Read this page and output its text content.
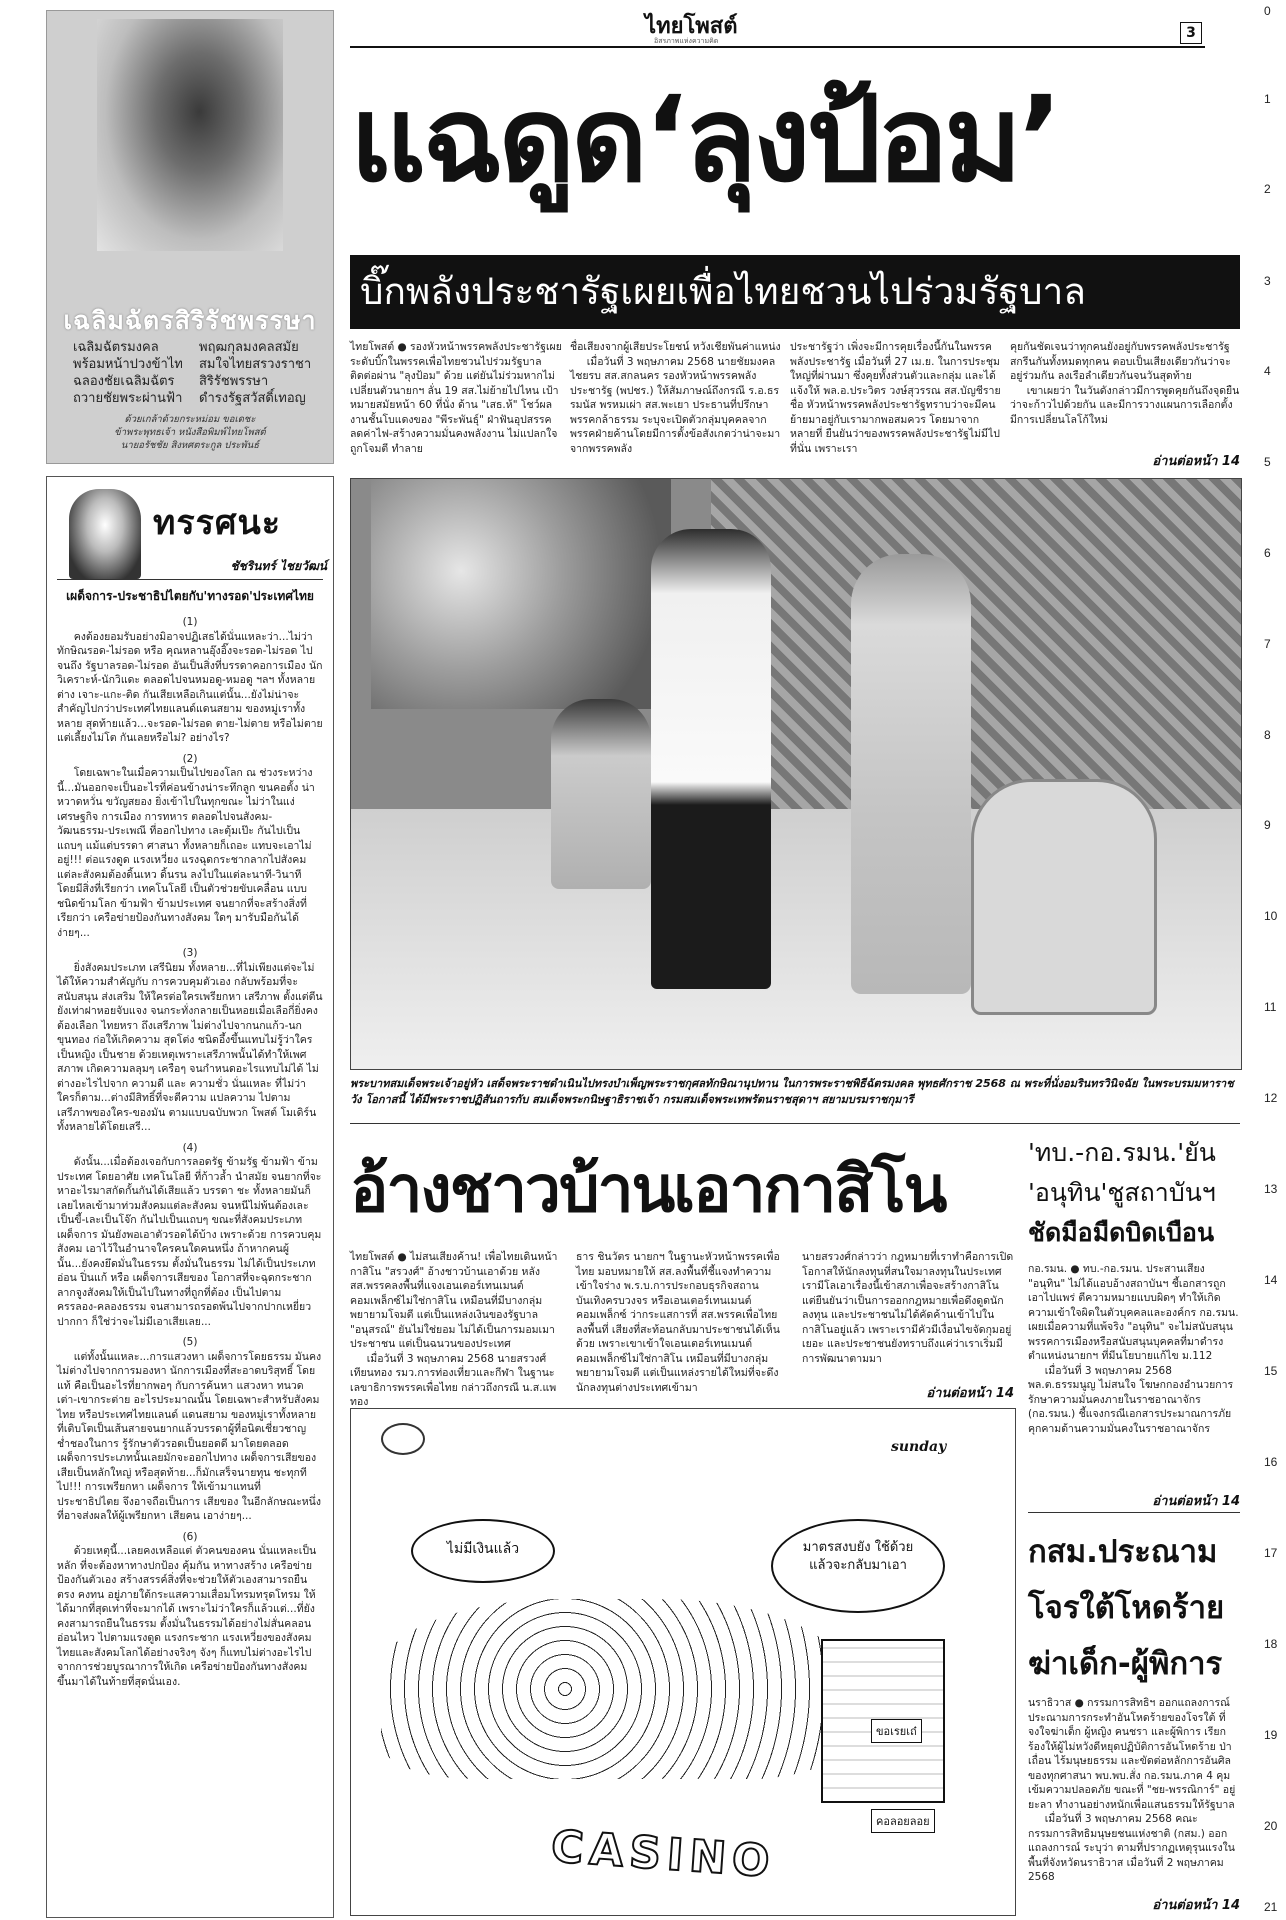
0
1
2
3
4
5
6
7
8
9
10
11
12
13
14
15
16
17
18
19
20
21
เฉลิมฉัตรสิริรัชพรรษา
เฉลิมฉัตรมงคล
พร้อมหน้าปวงข้าไท
ฉลองชัยเฉลิมฉัตร
ถวายชัยพระผ่านฟ้า
พฤฒกุลมงคลสมัย
สมใจไทยสรวงราชา
สิริรัชพรรษา
ดำรงรัฐสวัสดิ์เทอญ
ด้วยเกล้าด้วยกระหม่อม ขอเดชะ
ข้าพระพุทธเจ้า หนังสือพิมพ์ไทยโพสต์
นายอรัชชัย สิงหศตระกูล ประพันธ์
ไทยโพสต์
อิสรภาพแห่งความคิด	3
แฉดูด‘ลุงป้อม’
บิ๊กพลังประชารัฐเผยเพื่อไทยชวนไปร่วมรัฐบาล
ไทยโพสต์ ● รองหัวหน้าพรรคพลังประชารัฐเผยระดับบิ๊กในพรรคเพื่อไทยชวนไปร่วมรัฐบาล ติดต่อผ่าน "ลุงป้อม" ด้วย แต่ยันไม่ร่วมหากไม่เปลี่ยนตัวนายกฯ ลั่น 19 สส.ไม่ย้ายไปไหน เป้าหมายสมัยหน้า 60 ที่นั่ง ด้าน "เสธ.ห้" โชว์ผลงานชั้นโบแดงของ "พีระพันธุ์" ฝ่าฟันอุปสรรค ลดค่าไฟ-สร้างความมั่นคงพลังงาน ไม่แปลกใจถูกโจมตี ทำลาย
ชื่อเสียงจากผู้เสียประโยชน์ หวังเชียพันค่าแหน่ง
เมื่อวันที่ 3 พฤษภาคม 2568 นายชัยมงคล ไชยรบ สส.สกลนคร รองหัวหน้าพรรคพลังประชารัฐ (พปชร.) ให้สัมภาษณ์ถึงกรณี ร.อ.ธรรมนัส พรหมเผ่า สส.พะเยา ประธานที่ปรึกษาพรรคกล้าธรรม ระบุจะเปิดตัวกลุ่มบุคคลจากพรรคฝ่ายค้านโดยมีการตั้งข้อสังเกตว่าน่าจะมาจากพรรคพลัง
ประชารัฐว่า เพิ่งจะมีการคุยเรื่องนี้กันในพรรคพลังประชารัฐ เมื่อวันที่ 27 เม.ย. ในการประชุมใหญ่ที่ผ่านมา ซึ่งคุยทั้งส่วนตัวและกลุ่ม และได้แจ้งให้ พล.อ.ประวิตร วงษ์สุวรรณ สส.บัญชีรายชื่อ หัวหน้าพรรคพลังประชารัฐทราบว่าจะมีคนย้ายมาอยู่กับเรามากพอสมควร โดยมาจากหลายที่ ยืนยันว่าของพรรคพลังประชารัฐไม่มีไปที่นั่น เพราะเรา
คุยกันชัดเจนว่าทุกคนยังอยู่กับพรรคพลังประชารัฐ สกรีนกันทั้งหมดทุกคน ตอบเป็นเสียงเดียวกันว่าจะอยู่ร่วมกัน ลงเรือลำเดียวกันจนวันสุดท้าย
เขาเผยว่า ในวันดังกล่าวมีการพูดคุยกันถึงจุดยืนว่าจะก้าวไปด้วยกัน และมีการวางแผนการเลือกตั้ง มีการเปลี่ยนโลโก้ใหม่
อ่านต่อหน้า 14
พระบาทสมเด็จพระเจ้าอยู่หัว เสด็จพระราชดำเนินไปทรงบำเพ็ญพระราชกุศลทักษิณานุปทาน ในการพระราชพิธีฉัตรมงคล พุทธศักราช 2568 ณ พระที่นั่งอมรินทรวินิจฉัย ในพระบรมมหาราชวัง โอกาสนี้ ได้มีพระราชปฏิสันถารกับ สมเด็จพระกนิษฐาธิราชเจ้า กรมสมเด็จพระเทพรัตนราชสุดาฯ สยามบรมราชกุมารี
ทรรศนะ
ชัชรินทร์ ไชยวัฒน์
เผด็จการ-ประชาธิปไตยกับ'ทางรอด'ประเทศไทย
(1)
คงต้องยอมรับอย่างมิอาจปฏิเสธได้นั่นแหละว่า...ไม่ว่า ทักษิณรอด-ไม่รอด หรือ คุณหลานอุ๊งอิ๊งจะรอด-ไม่รอด ไปจนถึง รัฐบาลรอด-ไม่รอด อันเป็นสิ่งที่บรรดาคอการเมือง นักวิเคราะห์-นักวิแดะ ตลอดไปจนหมอดู-หมอดู ฯลฯ ทั้งหลายต่าง เจาะ-แกะ-ติด กันเสียเหลือเกินแต่นั้น...ยังไม่น่าจะสำคัญไปกว่าประเทศไทยแลนด์แดนสยาม ของหมู่เราทั้งหลาย สุดท้ายแล้ว...จะรอด-ไม่รอด ตาย-ไม่ตาย หรือไม่ตายแต่เลี้ยงไม่โต กันเลยหรือไม่? อย่างไร?
(2)
โดยเฉพาะในเมื่อความเป็นไปของโลก ณ ช่วงระหว่างนี้...มันออกจะเป็นอะไรที่ค่อนข้างน่าระทึกลูก ขนคอตั้ง น่าหวาดหวั่น ขวัญสยอง ยิ่งเข้าไปในทุกขณะ ไม่ว่าในแง่เศรษฐกิจ การเมือง การทหาร ตลอดไปจนสังคม-วัฒนธรรม-ประเพณี ที่ออกไปทาง เละตุ้มเป๊ะ กันไปเป็นแถบๆ แม้แต่บรรดา ศาสนา ทั้งหลายก็เถอะ แทบจะเอาไม่อยู่!!! ต่อแรงดูด แรงเหวี่ยง แรงฉุดกระชากลากไปสังคมแต่ละสังคมต้องดิ้นเหว ดิ้นรน ลงไปในแต่ละนาที-วินาที โดยมีสิ่งที่เรียกว่า เทคโนโลยี เป็นตัวช่วยขับเคลื่อน แบบชนิดข้ามโลก ข้ามฟ้า ข้ามประเทศ จนยากที่จะสร้างสิ่งที่เรียกว่า เครือข่ายป้องกันทางสังคม ใดๆ มารับมือกันได้ง่ายๆ...
(3)
ยิ่งสังคมประเภท เสรีนิยม ทั้งหลาย...ที่ไม่เพียงแต่จะไม่ได้ให้ความสำคัญกับ การควบคุมตัวเอง กลับพร้อมที่จะสนับสนุน ส่งเสริม ให้ใครต่อใครเพรียกหา เสรีภาพ ตั้งแต่ตีนยังเท่าฝาหอยจับแจง จนกระทั่งกลายเป็นหอยเมื่อเลือกี่ยิ่งคงต้องเลือก ไทยหรา ถึงเสรีภาพ ไม่ต่างไปจากนกแก้ว-นกขุนทอง ก่อให้เกิดความ สุดโต่ง ชนิดอึ้งขึ้นแทบไม่รู้ว่าใครเป็นหญิง เป็นชาย ด้วยเหตุเพราะเสรีภาพนั้นได้ทำให้เพศสภาพ เกิดความลลุมๆ เครือๆ จนกำหนดอะไรแทบไม่ได้ ไม่ต่างอะไรไปจาก ความดี และ ความชั่ว นั่นแหละ ที่ไม่ว่าใครก็ตาม...ต่างมีสิทธิ์ที่จะตีความ แปลความ ไปตามเสรีภาพของใคร-ของมัน ตามแบบฉบับพวก โพสต์ โมเดิร์น ทั้งหลายได้โดยเสรี...
(4)
ดังนั้น...เมื่อต้องเจอกับการลอดรัฐ ข้ามรัฐ ข้ามฟ้า ข้ามประเทศ โดยอาศัย เทคโนโลยี ที่ก้าวล้ำ นำสมัย จนยากที่จะหาอะไรมาสกัดกั้นกันได้เสียแล้ว บรรดา ชะ ทั้งหลายมันก็เลยไหลเข้ามาท่วมสังคมแต่ละสังคม จนหนีไม่พ้นต้องเละเป็นขี้-เละเป็นโจ๊ก กันไปเป็นแถบๆ ขณะที่สังคมประเภท เผด็จการ มันยังพอเอาตัวรอดได้บ้าง เพราะด้วย การควบคุมสังคม เอาไว้ในอำนาจใครคนใดคนหนึ่ง ถ้าหากคนผู้นั้น...ยังคงยึดมั่นในธรรม ตั้งมั่นในธรรม ไม่ได้เป็นประเภทอ่อน ปิ่นแก้ หรือ เผด็จการเสียของ โอกาสที่จะฉุดกระชากลากจูงสังคมให้เป็นไปในทางที่ถูกที่ต้อง เป็นไปตาม ครรลอง-คลองธรรม จนสามารถรอดพ้นไปจากปากเหยี่ยว ปากกา ก็ใช่ว่าจะไม่มีเอาเสียเลย...
(5)
แต่ทั้งนั้นแหละ...การแสวงหา เผด็จการโดยธรรม มันคงไม่ต่างไปจากการมองหา นักการเมืองที่สะอาดบริสุทธิ์ โดยแท้ คือเป็นอะไรที่ยากพอๆ กับการค้นหา แสวงหา ทนวดเต่า-เขากระต่าย อะไรประมาณนั้น โดยเฉพาะสำหรับสังคมไทย หรือประเทศไทยแลนด์ แดนสยาม ของหมู่เราทั้งหลาย ที่เติบโตเป็นเส้นสายจนยากแล้วบรรดาผู้ที่อนิตเชี่ยวชาญช่ำชองในการ รู้รักษาตัวรอดเป็นยอดดี มาโดยตลอด เผด็จการประเภทนั้นเลยมักจะออกไปทาง เผด็จการเสียของ เสียเป็นหลักใหญ่ หรือสุดท้าย...ก็มักเสร็จนายทุน ชะทุกทีไป!!! การเพรียกหา เผด็จการ ให้เข้ามาแทนที่ ประชาธิปไตย จึงอาจถือเป็นการ เสียของ ในอีกลักษณะหนึ่ง ที่อาจส่งผลให้ผู้เพรียกหา เสียคน เอาง่ายๆ...
(6)
ด้วยเหตุนี้...เลยคงเหลือแต่ ตัวคนของคน นั่นแหละเป็นหลัก ที่จะต้องหาทางปกป้อง คุ้มกัน หาทางสร้าง เครือข่ายป้องกันตัวเอง สร้างสรรค์สิ่งที่จะช่วยให้ตัวเองสามารถยืนตรง คงทน อยู่ภายใต้กระแสความเสื่อมโทรมทรุดโทรม ให้ได้มากที่สุดเท่าที่จะมากได้ เพราะไม่ว่าใครก็แล้วแต่...ที่ยังคงสามารถยืนในธรรม ตั้งมั่นในธรรมได้อย่างไม่สั่นคลอน อ่อนไหว ไปตามแรงดูด แรงกระชาก แรงเหวี่ยงของสังคมไทยและสังคมโลกได้อย่างจริงๆ จังๆ ก็แทบไม่ต่างอะไรไปจากการช่วยบูรณาการให้เกิด เครือข่ายป้องกันทางสังคม ขึ้นมาได้ในท้ายที่สุดนั่นเอง.
อ้างชาวบ้านเอากาสิโน
ไทยโพสต์ ● ไม่สนเสียงค้าน! เพื่อไทยเดินหน้ากาสิโน "สรวงศ์" อ้างชาวบ้านเอาด้วย หลัง สส.พรรคลงพื้นที่แจงเอนเตอร์เทนเมนต์คอมเพล็กซ์ไม่ใช่กาสิโน เหมือนที่มีบางกลุ่มพยายามโจมตี แต่เป็นแหล่งเงินของรัฐบาล "อนุสรณ์" ยันไม่ใช่ยอม ไม่ได้เป็นการมอมเมาประชาชน แต่เป็นฉนวนของประเทศ
เมื่อวันที่ 3 พฤษภาคม 2568 นายสรวงศ์ เทียนทอง รมว.การท่องเที่ยวและกีฬา ในฐานะเลขาธิการพรรคเพื่อไทย กล่าวถึงกรณี น.ส.แพทอง
ธาร ชินวัตร นายกฯ ในฐานะหัวหน้าพรรคเพื่อไทย มอบหมายให้ สส.ลงพื้นที่ชี้แจงทำความเข้าใจร่าง พ.ร.บ.การประกอบธุรกิจสถานบันเทิงครบวงจร หรือเอนเตอร์เทนเมนต์คอมเพล็กซ์ ว่ากระแสการที่ สส.พรรคเพื่อไทยลงพื้นที่ เสียงที่สะท้อนกลับมาประชาชนได้เห็นด้วย เพราะเขาเข้าใจเอนเตอร์เทนเมนต์คอมเพล็กซ์ไม่ใช่กาสิโน เหมือนที่มีบางกลุ่มพยายามโจมตี แต่เป็นแหล่งรายได้ใหม่ที่จะดึงนักลงทุนต่างประเทศเข้ามา
นายสรวงศ์กล่าวว่า กฎหมายที่เราทำคือการเปิดโอกาสให้นักลงทุนที่สนใจมาลงทุนในประเทศ เรามีโลเอาเรื่องนี้เข้าสภาเพื่อจะสร้างกาสิโน แต่ยืนยันว่าเป็นการออกกฎหมายเพื่อดึงดูดนักลงทุน และประชาชนไม่ได้คัดค้านเข้าไปในกาสิโนอยู่แล้ว เพราะเรามีคัวมีเงื่อนไขจัดกุมอยู่เยอะ และประชาชนยังทราบถึงแค่ว่าเราเริ่มมีการพัฒนาตามมา
อ่านต่อหน้า 14
sunday
ไม่มีเงินแล้ว	มาตรสงบยัง ใช้ด้วยแล้วจะกลับมาเอา
ขอเรยเถ๋
คอลอยลอย
CASINO
'ทบ.-กอ.รมน.'ยัน
'อนุทิน'ชูสถาบันฯ
ชัดมือมืดบิดเบือน
กอ.รมน. ● ทบ.-กอ.รมน. ประสานเสียง "อนุทิน" ไม่ได้แอบอ้างสถาบันฯ ชี้เอกสารถูกเอาไปแพร่ ตีความหมายแบบผิดๆ ทำให้เกิดความเข้าใจผิดในตัวบุคคลและองค์กร กอ.รมน. เผยเมื่อความที่แพ้จริง "อนุทิน" จะไม่สนับสนุนพรรคการเมืองหรือสนับสนุนบุคคลที่มาดำรงตำแหน่งนายกฯ ที่มีนโยบายแก้ไข ม.112
เมื่อวันที่ 3 พฤษภาคม 2568 พล.ต.ธรรมนูญ ไม่สนใจ โฆษกกองอำนวยการรักษาความมั่นคงภายในราชอาณาจักร (กอ.รมน.) ชี้แจงกรณีเอกสารประมาณการภัยคุกคามด้านความมั่นคงในราชอาณาจักร
อ่านต่อหน้า 14
กสม.ประณาม
โจรใต้โหดร้าย
ฆ่าเด็ก-ผู้พิการ
นราธิวาส ● กรรมการสิทธิฯ ออกแถลงการณ์ประณามการกระทำอันโหดร้ายของโจรใต้ ที่จงใจฆ่าเด็ก ผู้หญิง คนชรา และผู้พิการ เรียกร้องให้ผู้ไม่หวังดีหยุดปฏิบัติการอันโหดร้าย ป่าเถื่อน ไร้มนุษยธรรม และขัดต่อหลักการอันศิลของทุกศาสนา พบ.พบ.สั่ง กอ.รมน.ภาค 4 คุมเข้มความปลอดภัย ขณะที่ "ชย-พรรณิการ์" อยู่ยะลา ทำงานอย่างหนักเพื่อแสนธรรมให้รัฐบาล
เมื่อวันที่ 3 พฤษภาคม 2568 คณะกรรมการสิทธิมนุษยชนแห่งชาติ (กสม.) ออกแถลงการณ์ ระบุว่า ตามที่ปรากฏเหตุรุนแรงในพื้นที่จังหวัดนราธิวาส เมื่อวันที่ 2 พฤษภาคม 2568
อ่านต่อหน้า 14
